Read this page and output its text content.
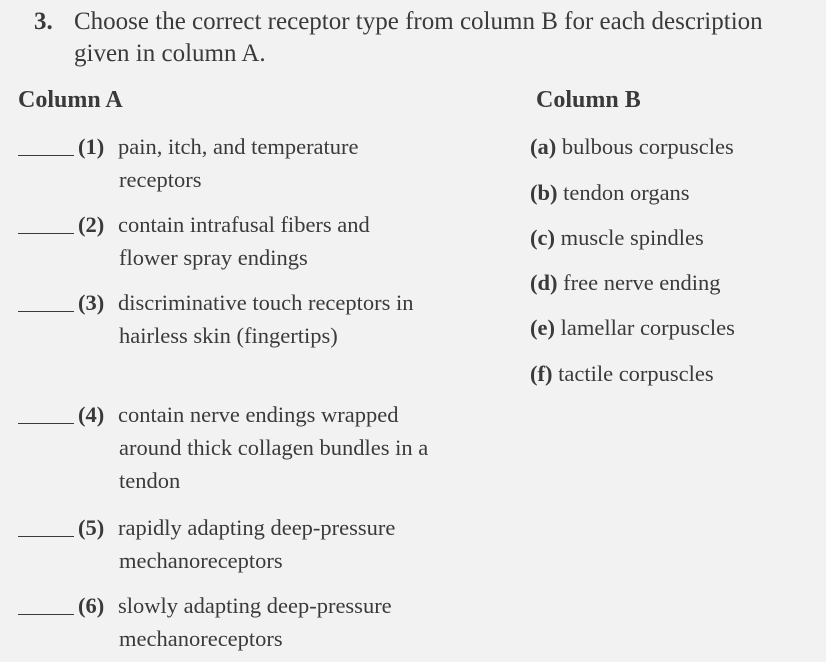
3. Choose the correct receptor type from column B for each description given in column A.
Column A	Column B
(1) pain, itch, and temperature receptors
(2) contain intrafusal fibers and flower spray endings
(3) discriminative touch receptors in hairless skin (fingertips)
(4) contain nerve endings wrapped around thick collagen bundles in a tendon
(5) rapidly adapting deep-pressure mechanoreceptors
(6) slowly adapting deep-pressure mechanoreceptors
(a) bulbous corpuscles
(b) tendon organs
(c) muscle spindles
(d) free nerve ending
(e) lamellar corpuscles
(f) tactile corpuscles
